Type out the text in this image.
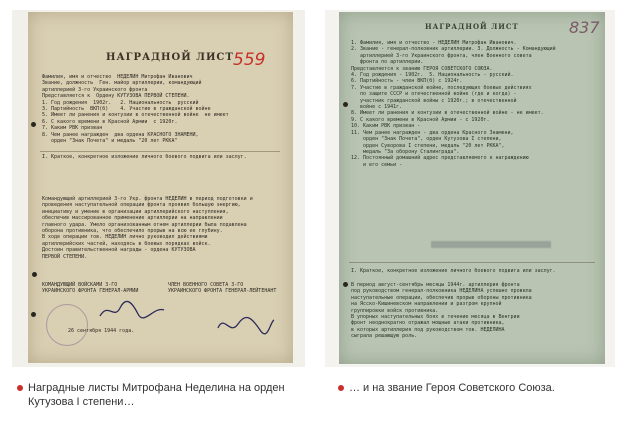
НАГРАДНОЙ ЛИСТ 559
Фамилия, имя и отчество  НЕДЕЛИН Митрофан Иванович
Звание, должность  Ген. майор артиллерии, командующий
артиллерией 3-го Украинского фронта
Представляется к  Ордену КУТУЗОВА ПЕРВОЙ СТЕПЕНИ.
1. Год рождения  1902г.   2. Национальность  русский
3. Партийность  ВКП(б)    4. Участие в гражданской войне
5. Имеет ли ранения и контузии в отечественной войне  не имеет
6. С какого времени в Красной Армии  с 1920г.
7. Каким РВК призван
8. Чем ранее награжден  два ордена КРАСНОГО ЗНАМЕНИ,
орден "Знак Почета" и медаль "20 лет РККА"
I. Краткое, конкретное изложение личного боевого подвига или заслуг.
Командующий артиллерией 3-го Укр. фронта НЕДЕЛИН в период подготовки и
проведения наступательной операции фронта проявил большую энергию,
инициативу и умение в организации артиллерийского наступления,
обеспечив массированное применение артиллерии на направлении
главного удара. Умело организованным огнем артиллерии была подавлена
оборона противника, что обеспечило прорыв на всю ее глубину.
В ходе операции тов. НЕДЕЛИН лично руководил действиями
артиллерийских частей, находясь в боевых порядках войск.
Достоин правительственной награды - ордена КУТУЗОВА
ПЕРВОЙ СТЕПЕНИ.
КОМАНДУЮЩИЙ ВОЙСКАМИ 3-ГО УКРАИНСКОГО ФРОНТА ГЕНЕРАЛ-АРМИИ
ЧЛЕН ВОЕННОГО СОВЕТА 3-ГО УКРАИНСКОГО ФРОНТА ГЕНЕРАЛ-ЛЕЙТЕНАНТ
26 сентября 1944 года.
НАГРАДНОЙ ЛИСТ	837
1. Фамилия, имя и отчество - НЕДЕЛИН Митрофан Иванович.
2. Звание - генерал-полковник артиллерии. 3. Должность - Командующий
артиллерией 3-го Украинского фронта, член Военного совета
фронта по артиллерии.
Представляется к званию ГЕРОЯ СОВЕТСКОГО СОЮЗА.
4. Год рождения - 1902г.  5. Национальность - русский.
6. Партийность - член ВКП(б) с 1924г.
7. Участие в гражданской войне, последующих боевых действиях
по защите СССР и отечественной войне (где и когда) -
участник гражданской войны с 1920г.; в отечественной
войне с 1941г.
8. Имеет ли ранения и контузии в отечественной войне - не имеет.
9. С какого времени в Красной Армии - с 1920г.
10. Каким РВК призван -
11. Чем ранее награжден - два ордена Красного Знамени,
орден "Знак Почета", орден Кутузова I степени,
орден Суворова I степени, медаль "20 лет РККА",
медаль "За оборону Сталинграда".
12. Постоянный домашний адрес представляемого к награждению
и его семьи -
I. Краткое, конкретное изложение личного боевого подвига или заслуг.
В период август-сентябрь месяцы 1944г. артиллерия фронта
под руководством генерал-полковника НЕДЕЛИНА успешно провела
наступательные операции, обеспечив прорыв обороны противника
на Ясско-Кишиневском направлении и разгром крупной
группировки войск противника.
В упорных наступательных боях в течение месяца в Венгрии
фронт неоднократно отражал мощные атаки противника,
в которых артиллерия под руководством тов. НЕДЕЛИНА
сыграла решающую роль.
Наградные листы Митрофана Неделина на орден Кутузова I степени…
… и на звание Героя Советского Союза.
